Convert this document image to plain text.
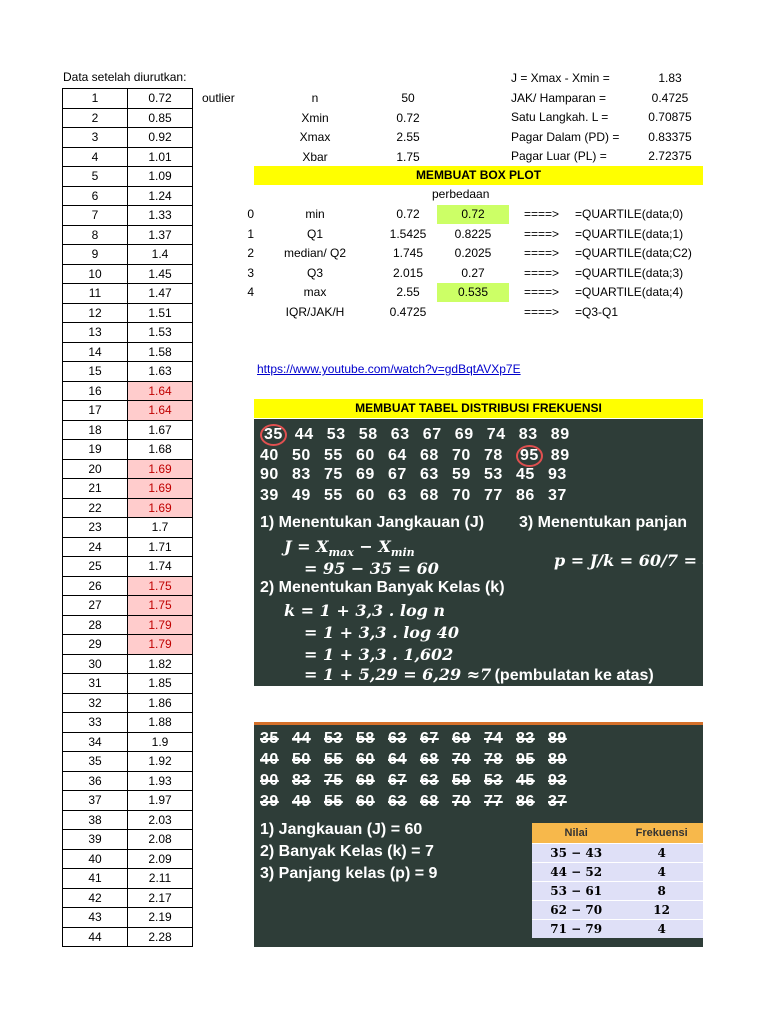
Data setelah diurutkan:
outlier
1	0.72
2	0.85
3	0.92
4	1.01
5	1.09
6	1.24
7	1.33
8	1.37
9	1.4
10	1.45
11	1.47
12	1.51
13	1.53
14	1.58
15	1.63
16	1.64
17	1.64
18	1.67
19	1.68
20	1.69
21	1.69
22	1.69
23	1.7
24	1.71
25	1.74
26	1.75
27	1.75
28	1.79
29	1.79
30	1.82
31	1.85
32	1.86
33	1.88
34	1.9
35	1.92
36	1.93
37	1.97
38	2.03
39	2.08
40	2.09
41	2.11
42	2.17
43	2.19
44	2.28
n	50
Xmin	0.72
Xmax	2.55
Xbar	1.75
J = Xmax - Xmin =	1.83
JAK/ Hamparan =	0.4725
Satu Langkah. L =	0.70875
Pagar Dalam (PD) =	0.83375
Pagar Luar (PL) =	2.72375
MEMBUAT BOX PLOT
perbedaan
0	min	0.72	0.72	====> =QUARTILE(data;0)
1	Q1	1.5425	0.8225	====> =QUARTILE(data;1)
2	median/ Q2	1.745	0.2025	====> =QUARTILE(data;C2)
3	Q3	2.015	0.27	====> =QUARTILE(data;3)
4	max	2.55	0.535	====> =QUARTILE(data;4)
IQR/JAK/H	0.4725	====> =Q3-Q1
https://www.youtube.com/watch?v=gdBqtAVXp7E
MEMBUAT TABEL DISTRIBUSI FREKUENSI
35 44 53 58 63 67 69 74 83 89
40 50 55 60 64 68 70 78 95 89
90 83 75 69 67 63 59 53 45 93
39 49 55 60 63 68 70 77 86 37
1) Menentukan Jangkauan (J) 3) Menentukan panjan
$J = X_{max} - X_{min}$
= 95 − 35 = 60	p = J/k = 60/7 = 8,57
2) Menentukan Banyak Kelas (k)
k = 1 + 3,3 . log n
= 1 + 3,3 . log 40
= 1 + 3,3 . 1,602
= 1 + 5,29 = 6,29 ≈7 (pembulatan ke atas)
35 44 53 58 63 67 69 74 83 89
40 50 55 60 64 68 70 78 95 89
90 83 75 69 67 63 59 53 45 93
39 49 55 60 63 68 70 77 86 37
1) Jangkauan (J) = 60
2) Banyak Kelas (k) = 7
3) Panjang kelas (p) = 9
Nilai	Frekuensi
35 − 43	4
44 − 52	4
53 − 61	8
62 − 70	12
71 − 79	4
